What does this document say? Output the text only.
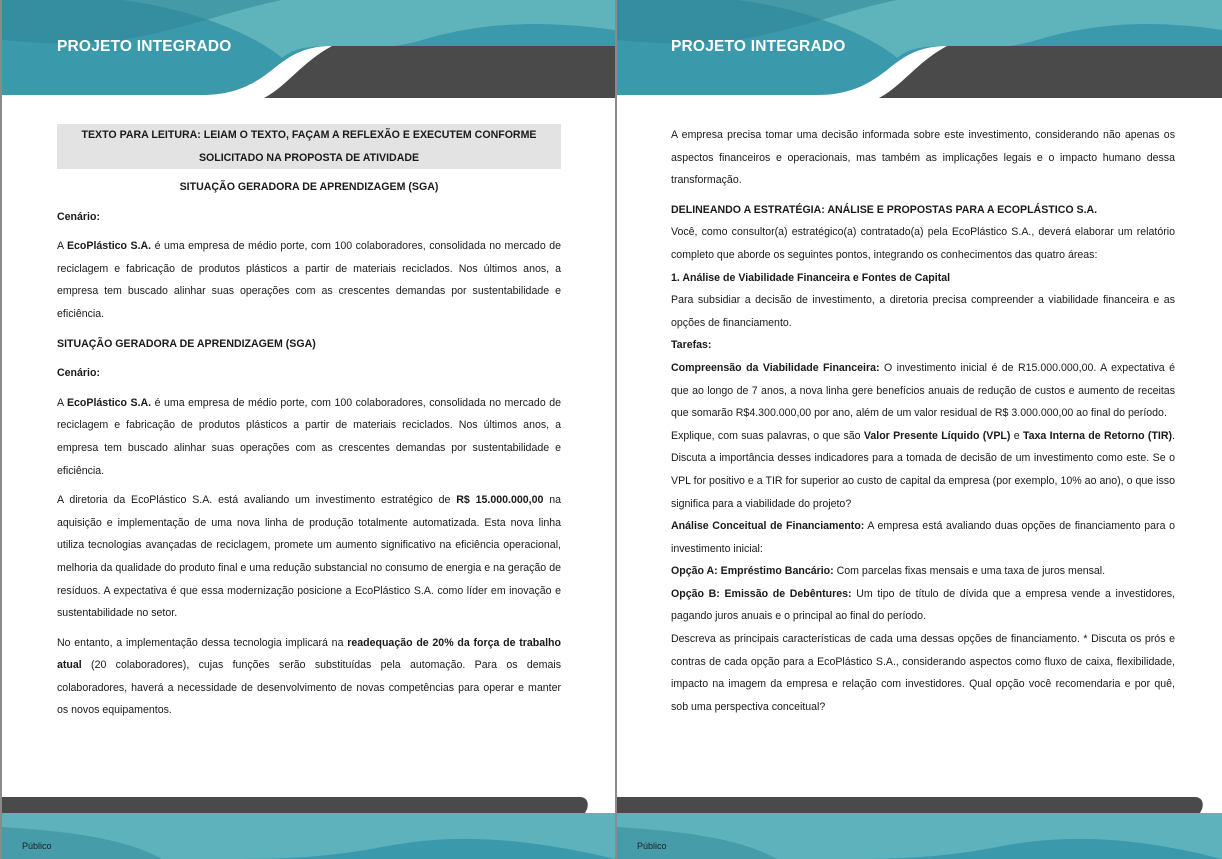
PROJETO INTEGRADO

TEXTO PARA LEITURA: LEIAM O TEXTO, FAÇAM A REFLEXÃO E EXECUTEM CONFORME
SOLICITADO NA PROPOSTA DE ATIVIDADE

SITUAÇÃO GERADORA DE APRENDIZAGEM (SGA)

Cenário:

A EcoPlástico S.A. é uma empresa de médio porte, com 100 colaboradores, consolidada no mercado de reciclagem e fabricação de produtos plásticos a partir de materiais reciclados. Nos últimos anos, a empresa tem buscado alinhar suas operações com as crescentes demandas por sustentabilidade e eficiência.

SITUAÇÃO GERADORA DE APRENDIZAGEM (SGA)

Cenário:

A EcoPlástico S.A. é uma empresa de médio porte, com 100 colaboradores, consolidada no mercado de reciclagem e fabricação de produtos plásticos a partir de materiais reciclados. Nos últimos anos, a empresa tem buscado alinhar suas operações com as crescentes demandas por sustentabilidade e eficiência.

A diretoria da EcoPlástico S.A. está avaliando um investimento estratégico de R$ 15.000.000,00 na aquisição e implementação de uma nova linha de produção totalmente automatizada. Esta nova linha utiliza tecnologias avançadas de reciclagem, promete um aumento significativo na eficiência operacional, melhoria da qualidade do produto final e uma redução substancial no consumo de energia e na geração de resíduos. A expectativa é que essa modernização posicione a EcoPlástico S.A. como líder em inovação e sustentabilidade no setor.

No entanto, a implementação dessa tecnologia implicará na readequação de 20% da força de trabalho atual (20 colaboradores), cujas funções serão substituídas pela automação. Para os demais colaboradores, haverá a necessidade de desenvolvimento de novas competências para operar e manter os novos equipamentos.

Público
PROJETO INTEGRADO

A empresa precisa tomar uma decisão informada sobre este investimento, considerando não apenas os aspectos financeiros e operacionais, mas também as implicações legais e o impacto humano dessa transformação.

DELINEANDO A ESTRATÉGIA: ANÁLISE E PROPOSTAS PARA A ECOPLÁSTICO S.A.

Você, como consultor(a) estratégico(a) contratado(a) pela EcoPlástico S.A., deverá elaborar um relatório completo que aborde os seguintes pontos, integrando os conhecimentos das quatro áreas:

1. Análise de Viabilidade Financeira e Fontes de Capital

Para subsidiar a decisão de investimento, a diretoria precisa compreender a viabilidade financeira e as opções de financiamento.

Tarefas:

Compreensão da Viabilidade Financeira: O investimento inicial é de R15.000.000,00. A expectativa é que ao longo de 7 anos, a nova linha gere benefícios anuais de redução de custos e aumento de receitas que somarão R$4.300.000,00 por ano, além de um valor residual de R$ 3.000.000,00 ao final do período.

Explique, com suas palavras, o que são Valor Presente Líquido (VPL) e Taxa Interna de Retorno (TIR). Discuta a importância desses indicadores para a tomada de decisão de um investimento como este. Se o VPL for positivo e a TIR for superior ao custo de capital da empresa (por exemplo, 10% ao ano), o que isso significa para a viabilidade do projeto?

Análise Conceitual de Financiamento: A empresa está avaliando duas opções de financiamento para o investimento inicial:

Opção A: Empréstimo Bancário: Com parcelas fixas mensais e uma taxa de juros mensal.

Opção B: Emissão de Debêntures: Um tipo de título de dívida que a empresa vende a investidores, pagando juros anuais e o principal ao final do período.

Descreva as principais características de cada uma dessas opções de financiamento. * Discuta os prós e contras de cada opção para a EcoPlástico S.A., considerando aspectos como fluxo de caixa, flexibilidade, impacto na imagem da empresa e relação com investidores. Qual opção você recomendaria e por quê, sob uma perspectiva conceitual?

Público
